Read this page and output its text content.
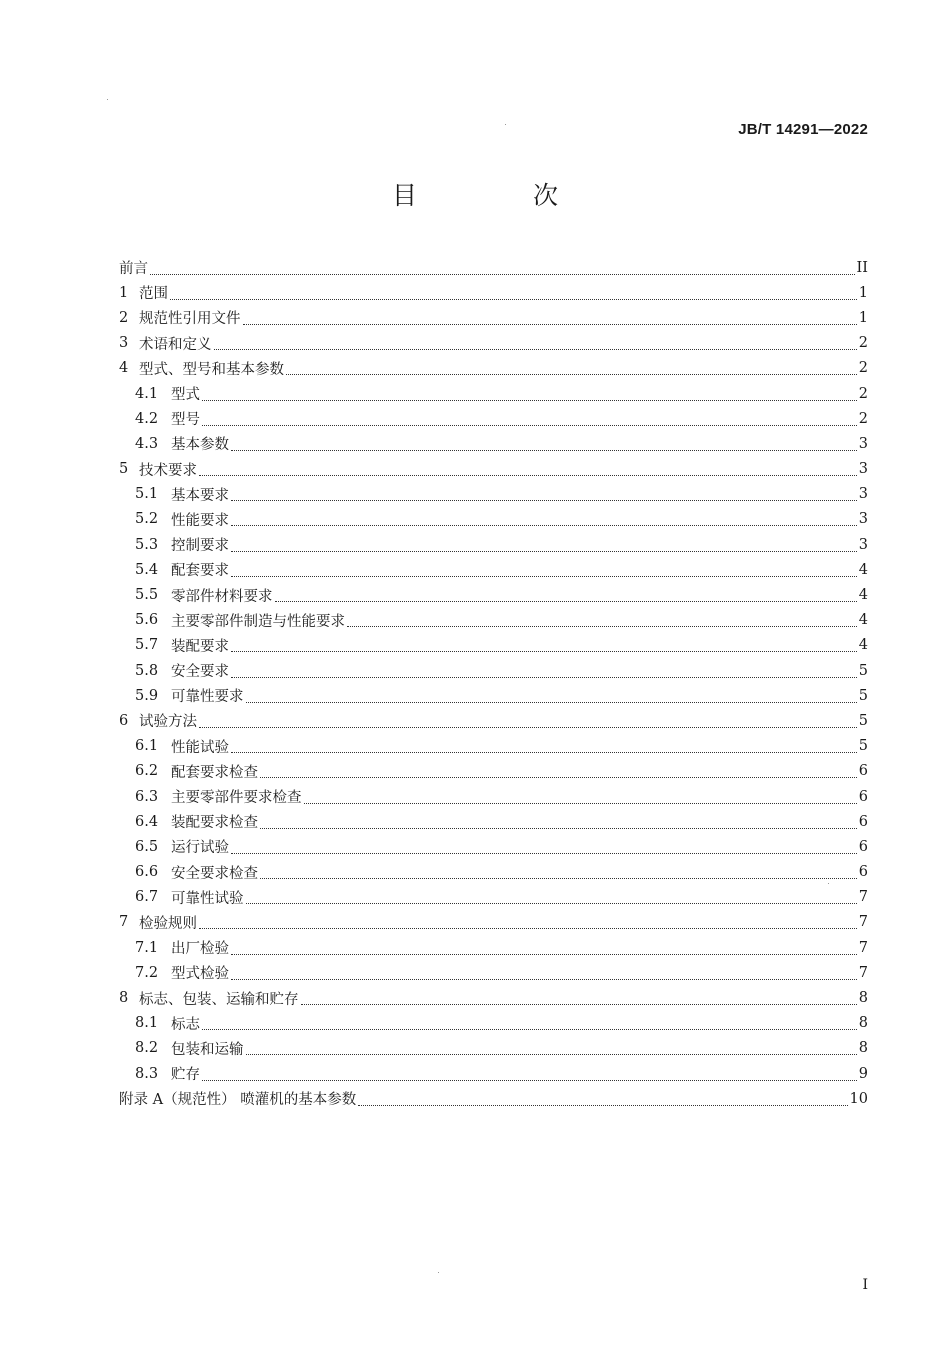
JB/T 14291—2022
目 次
前言	II
1 范围	1
2 规范性引用文件	1
3 术语和定义	2
4 型式、型号和基本参数	2
4.1 型式	2
4.2 型号	2
4.3 基本参数	3
5 技术要求	3
5.1 基本要求	3
5.2 性能要求	3
5.3 控制要求	3
5.4 配套要求	4
5.5 零部件材料要求	4
5.6 主要零部件制造与性能要求	4
5.7 装配要求	4
5.8 安全要求	5
5.9 可靠性要求	5
6 试验方法	5
6.1 性能试验	5
6.2 配套要求检查	6
6.3 主要零部件要求检查	6
6.4 装配要求检查	6
6.5 运行试验	6
6.6 安全要求检查	6
6.7 可靠性试验	7
7 检验规则	7
7.1 出厂检验	7
7.2 型式检验	7
8 标志、包装、运输和贮存	8
8.1 标志	8
8.2 包装和运输	8
8.3 贮存	9
附录 A（规范性） 喷灌机的基本参数	10
I
